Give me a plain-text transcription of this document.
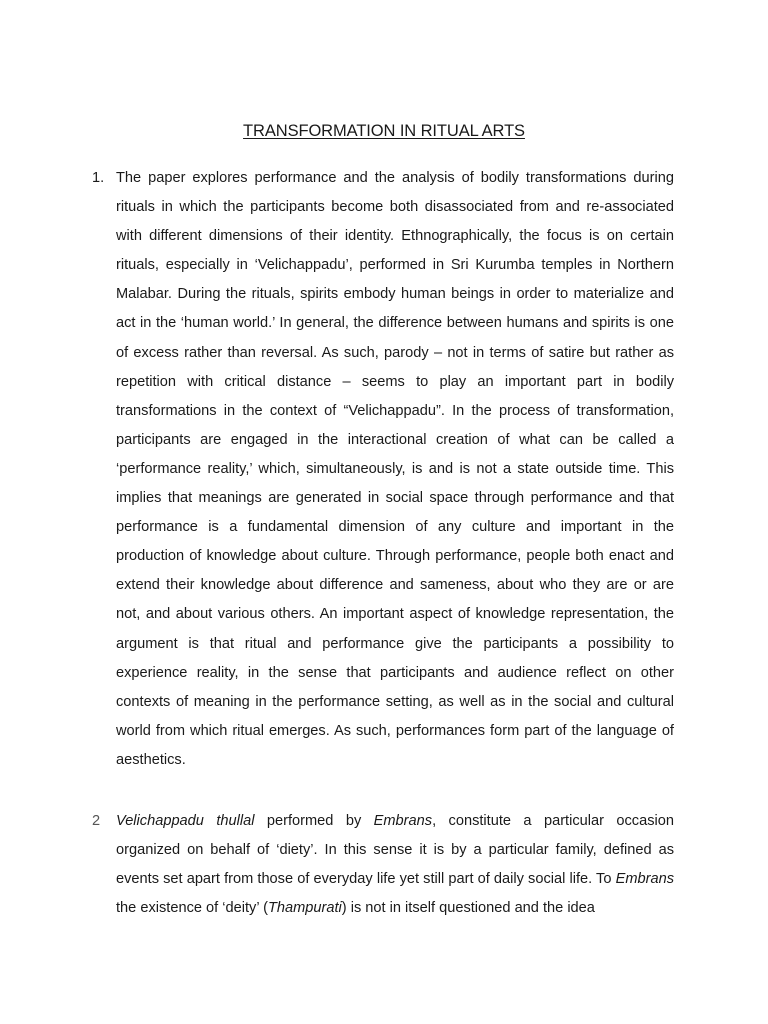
TRANSFORMATION IN RITUAL ARTS
1. The paper explores performance and the analysis of bodily transformations during rituals in which the participants become both disassociated from and re-associated with different dimensions of their identity. Ethnographically, the focus is on certain rituals, especially in ‘Velichappadu’, performed in Sri Kurumba temples in Northern Malabar. During the rituals, spirits embody human beings in order to materialize and act in the ‘human world.’ In general, the difference between humans and spirits is one of excess rather than reversal. As such, parody – not in terms of satire but rather as repetition with critical distance – seems to play an important part in bodily transformations in the context of “Velichappadu”. In the process of transformation, participants are engaged in the interactional creation of what can be called a ‘performance reality,’ which, simultaneously, is and is not a state outside time. This implies that meanings are generated in social space through performance and that performance is a fundamental dimension of any culture and important in the production of knowledge about culture. Through performance, people both enact and extend their knowledge about difference and sameness, about who they are or are not, and about various others. An important aspect of knowledge representation, the argument is that ritual and performance give the participants a possibility to experience reality, in the sense that participants and audience reflect on other contexts of meaning in the performance setting, as well as in the social and cultural world from which ritual emerges. As such, performances form part of the language of aesthetics.
2	Velichappadu thullal performed by Embrans, constitute a particular occasion organized on behalf of ‘diety’. In this sense it is by a particular family, defined as events set apart from those of everyday life yet still part of daily social life. To Embrans the existence of ‘deity’ (Thampurati) is not in itself questioned and the idea
